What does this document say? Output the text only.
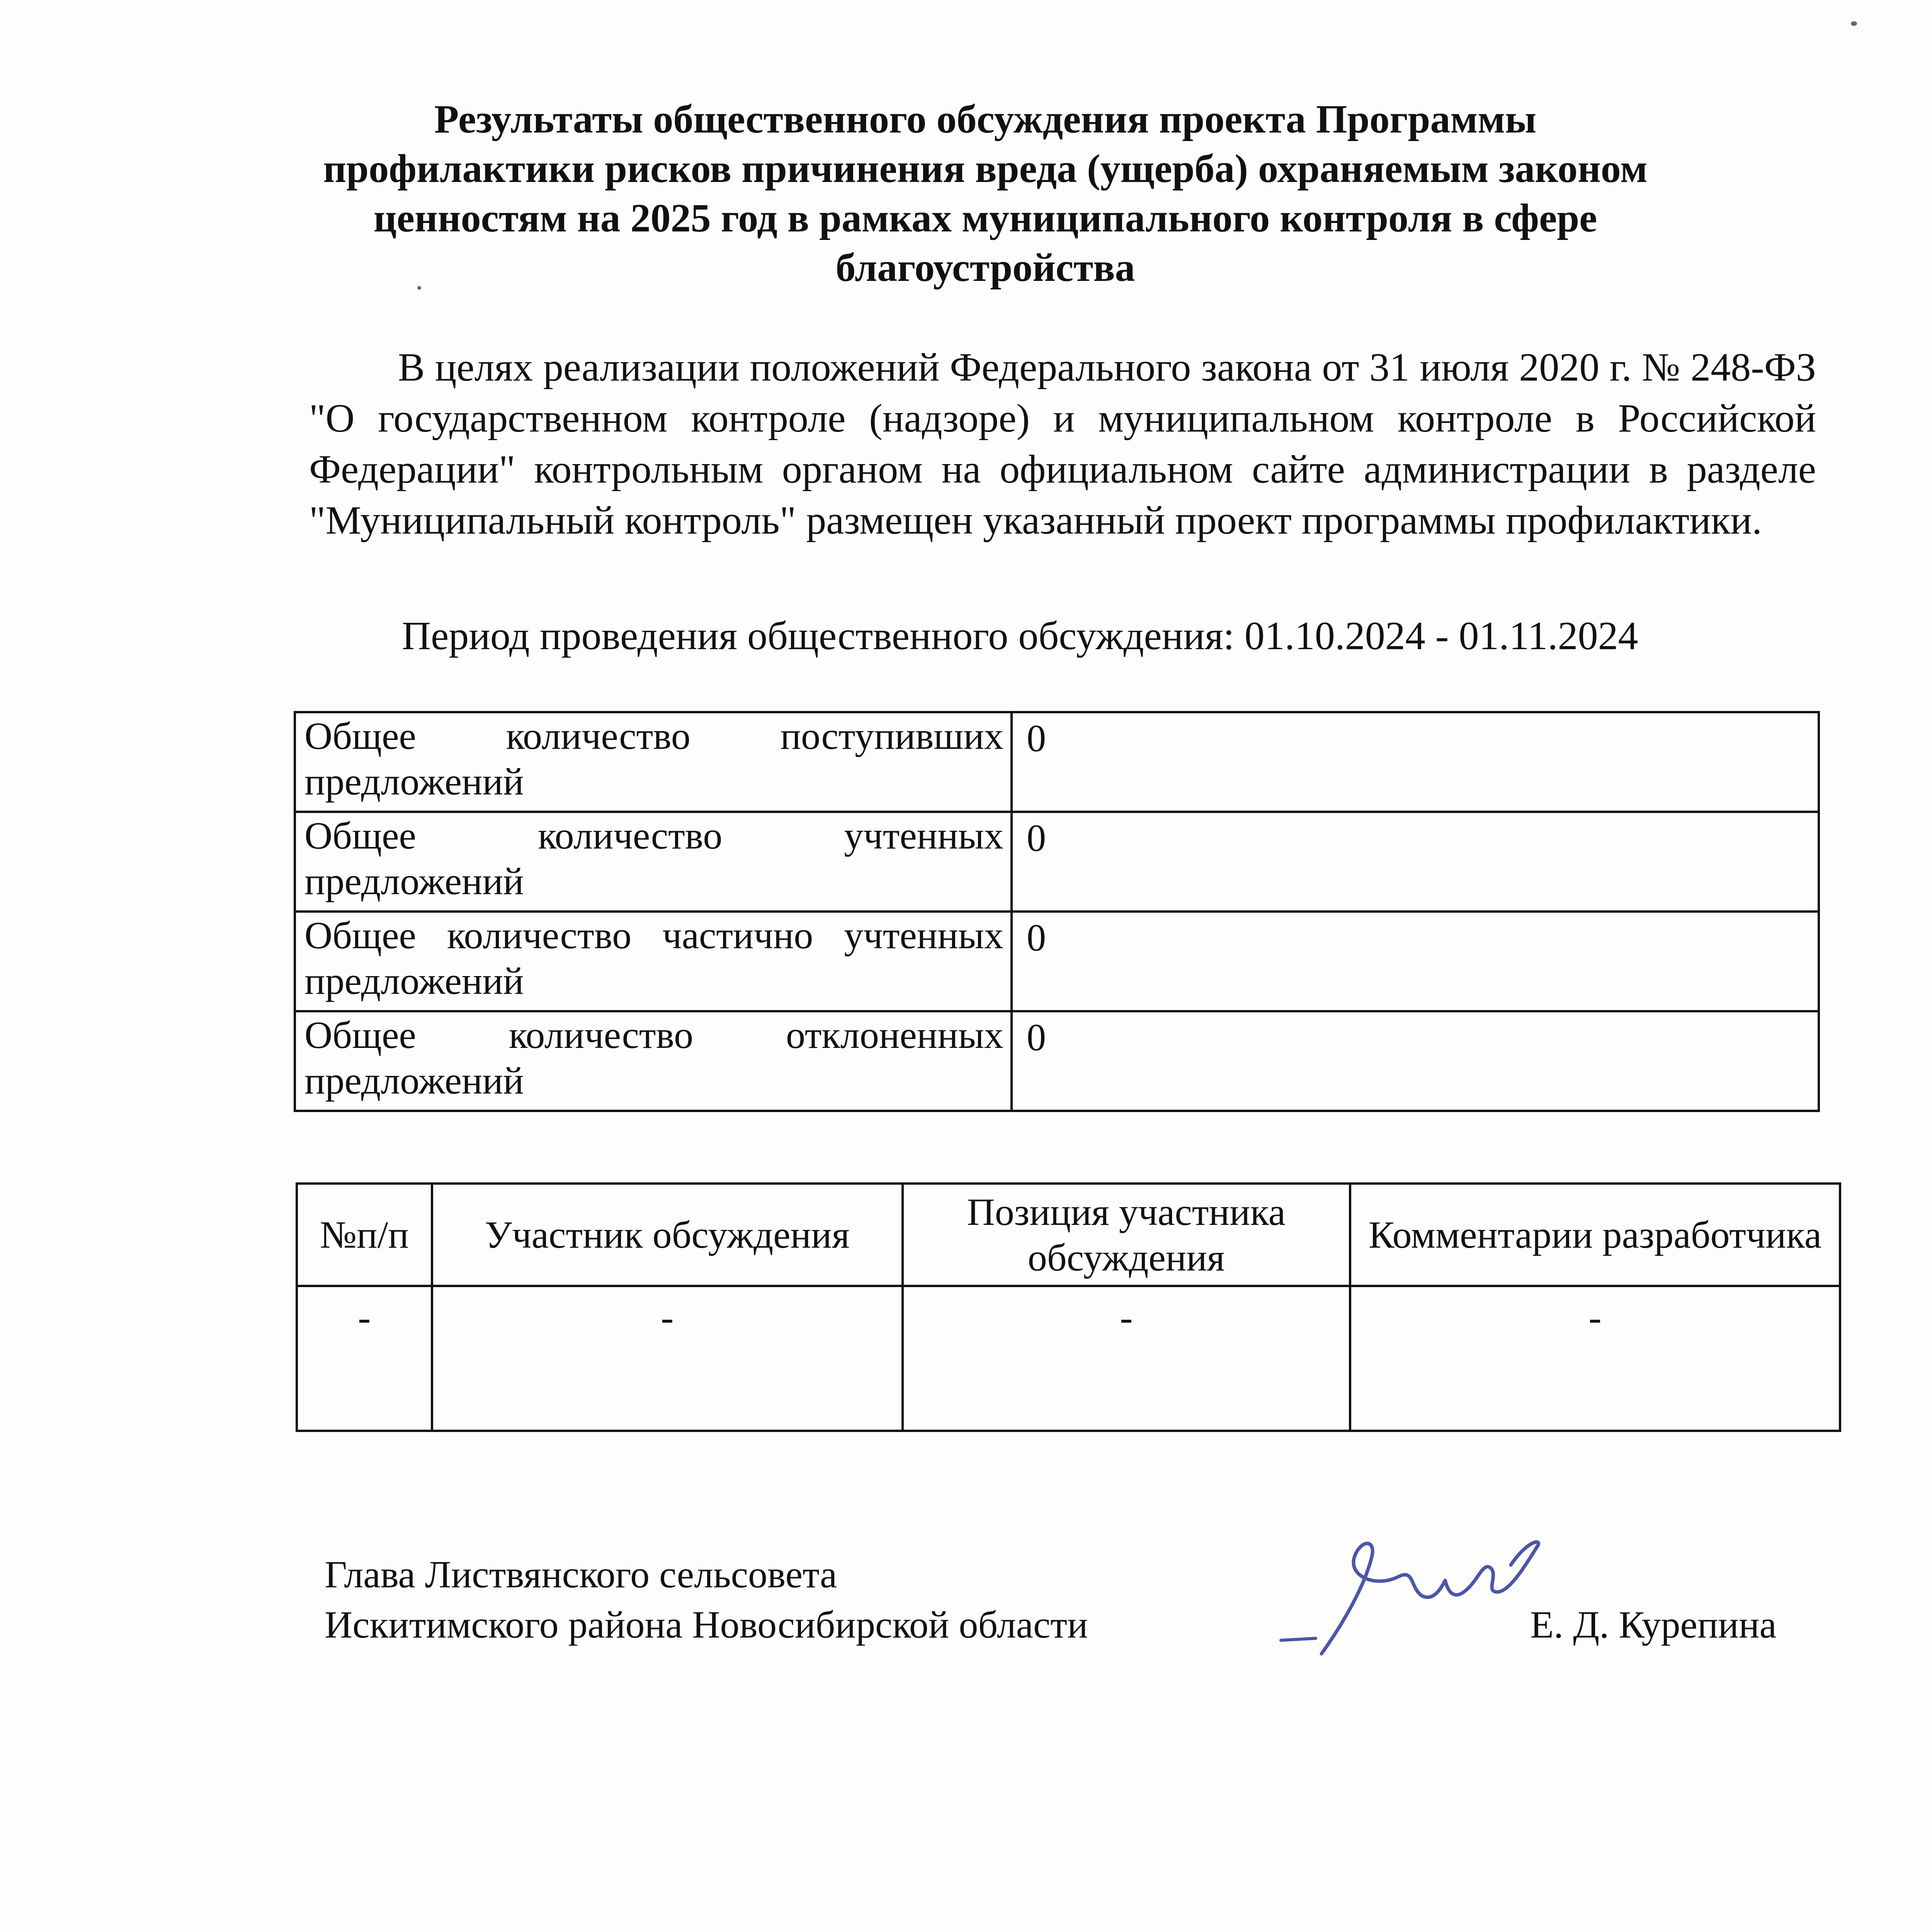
Результаты общественного обсуждения проекта Программы профилактики рисков причинения вреда (ущерба) охраняемым законом ценностям на 2025 год в рамках муниципального контроля в сфере благоустройства

В целях реализации положений Федерального закона от 31 июля 2020 г. № 248-ФЗ "О государственном контроле (надзоре) и муниципальном контроле в Российской Федерации" контрольным органом на официальном сайте администрации в разделе "Муниципальный контроль" размещен указанный проект программы профилактики.

Период проведения общественного обсуждения: 01.10.2024 - 01.11.2024

Общее количество поступивших предложений	0
Общее количество учтенных предложений	0
Общее количество частично учтенных предложений	0
Общее количество отклоненных предложений	0
№п/п	Участник обсуждения	Позиция участника обсуждения	Комментарии разработчика
-	-	-	-

Глава Листвянского сельсовета
Искитимского района Новосибирской области	Е. Д. Курепина
